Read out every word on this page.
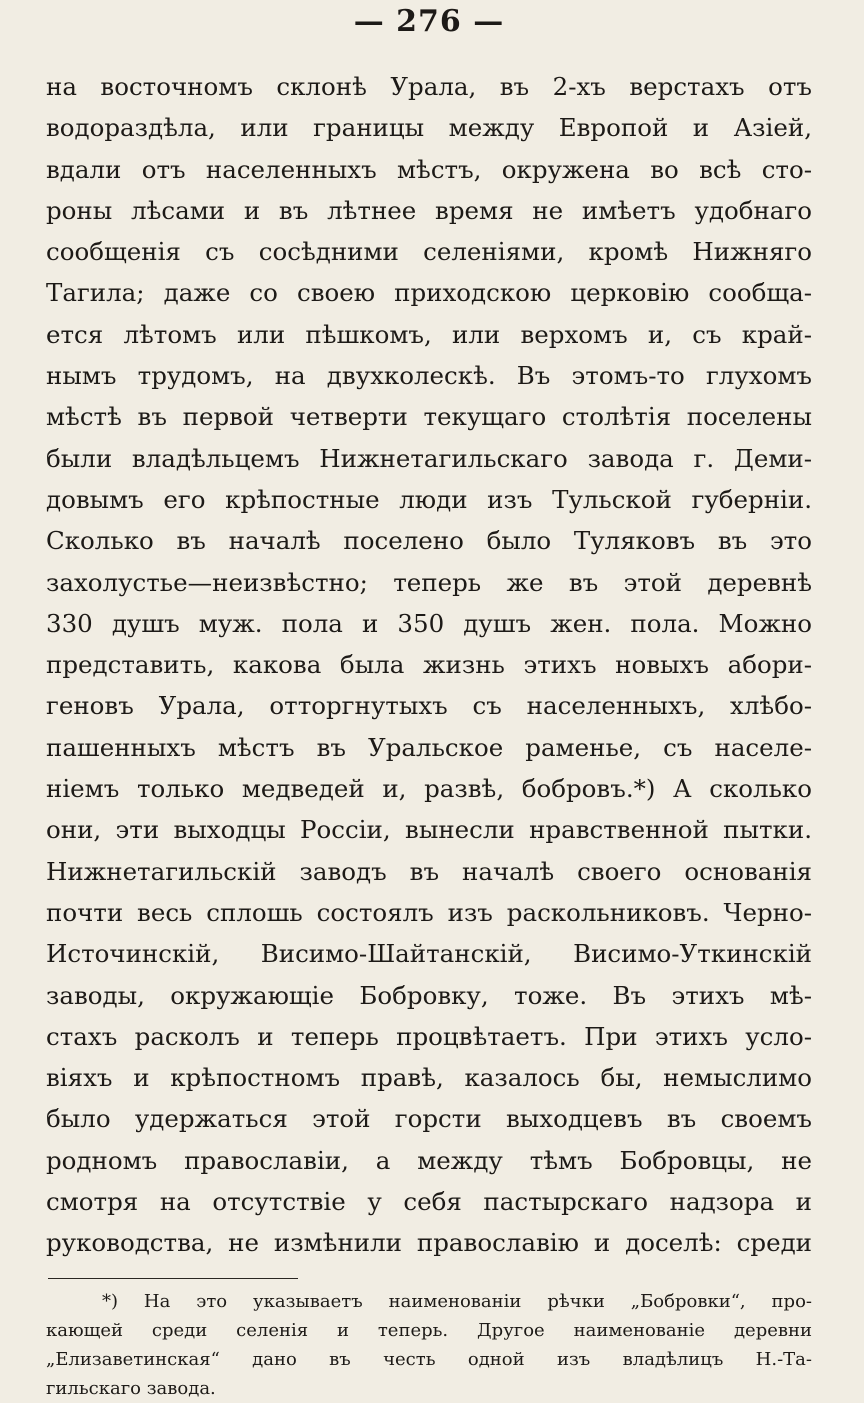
— 276 —
на восточномъ склонѣ Урала, въ 2-хъ верстахъ отъ
водораздѣла, или границы между Европой и Азіей,
вдали отъ населенныхъ мѣстъ, окружена во всѣ сто-
роны лѣсами и въ лѣтнее время не имѣетъ удобнаго
сообщенія съ сосѣдними селеніями, кромѣ Нижняго
Тагила; даже со своею приходскою церковію сообща-
ется лѣтомъ или пѣшкомъ, или верхомъ и, съ край-
нымъ трудомъ, на двухколескѣ. Въ этомъ-то глухомъ
мѣстѣ въ первой четверти текущаго столѣтія поселены
были владѣльцемъ Нижнетагильскаго завода г. Деми-
довымъ его крѣпостные люди изъ Тульской губерніи.
Сколько въ началѣ поселено было Туляковъ въ это
захолустье—неизвѣстно; теперь же въ этой деревнѣ
330 душъ муж. пола и 350 душъ жен. пола. Можно
представить, какова была жизнь этихъ новыхъ абори-
геновъ Урала, отторгнутыхъ съ населенныхъ, хлѣбо-
пашенныхъ мѣстъ въ Уральское раменье, съ населе-
ніемъ только медведей и, развѣ, бобровъ.*) А сколько
они, эти выходцы Россіи, вынесли нравственной пытки.
Нижнетагильскій заводъ въ началѣ своего основанія
почти весь сплошь состоялъ изъ раскольниковъ. Черно-
Источинскій, Висимо-Шайтанскій, Висимо-Уткинскій
заводы, окружающіе Бобровку, тоже. Въ этихъ мѣ-
стахъ расколъ и теперь процвѣтаетъ. При этихъ усло-
віяхъ и крѣпостномъ правѣ, казалось бы, немыслимо
было удержаться этой горсти выходцевъ въ своемъ
родномъ православіи, а между тѣмъ Бобровцы, не
смотря на отсутствіе у себя пастырскаго надзора и
руководства, не измѣнили православію и доселѣ: среди
*) На это указываетъ наименованіи рѣчки „Бобровки“, про-
кающей среди селенія и теперь. Другое наименованіе деревни
„Елизаветинская“ дано въ честь одной изъ владѣлицъ Н.-Та-
гильскаго завода.
